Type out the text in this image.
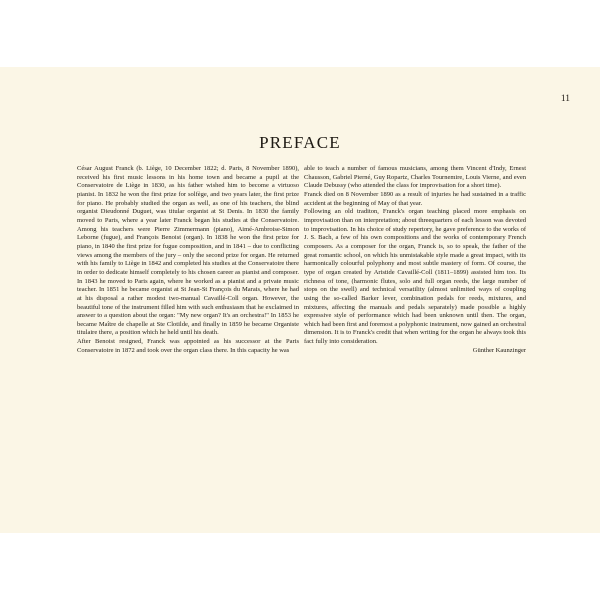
11
PREFACE

César August Franck (b. Liège, 10 December 1822; d. Paris, 8 November 1890), received his first music lessons in his home town and became a pupil at the Conservatoire de Liège in 1830, as his father wished him to become a virtuoso pianist. In 1832 he won the first prize for solfège, and two years later, the first prize for piano. He probably studied the organ as well, as one of his teachers, the blind organist Dieudonné Duguet, was titular organist at St Denis. In 1830 the family moved to Paris, where a year later Franck began his studies at the Conservatoire. Among his teachers were Pierre Zimmermann (piano), Aimé-Ambroise-Simon Leborne (fugue), and François Benoist (organ). In 1838 he won the first prize for piano, in 1840 the first prize for fugue composition, and in 1841 – due to conflicting views among the members of the jury – only the second prize for organ. He returned with his family to Liège in 1842 and completed his studies at the Conservatoire there in order to dedicate himself completely to his chosen career as pianist and composer. In 1843 he moved to Paris again, where he worked as a pianist and a private music teacher. In 1851 he became organist at St Jean-St François du Marais, where he had at his disposal a rather modest two-manual Cavaillé-Coll organ. However, the beautiful tone of the instrument filled him with such enthusiasm that he exclaimed in answer to a question about the organ: "My new organ? It's an orchestra!" In 1853 he became Maître de chapelle at Ste Clotilde, and finally in 1859 he became Organiste titulaire there, a position which he held until his death.

After Benoist resigned, Franck was appointed as his successor at the Paris Conservatoire in 1872 and took over the organ class there. In this capacity he was

able to teach a number of famous musicians, among them Vincent d'Indy, Ernest Chausson, Gabriel Pierné, Guy Ropartz, Charles Tournemire, Louis Vierne, and even Claude Debussy (who attended the class for improvisation for a short time).

Franck died on 8 November 1890 as a result of injuries he had sustained in a traffic accident at the beginning of May of that year.

Following an old traditon, Franck's organ teaching placed more emphasis on improvisation than on interpretation; about threequarters of each lesson was devoted to improvisation. In his choice of study repertory, he gave preference to the works of J. S. Bach, a few of his own compositions and the works of contemporary French composers. As a composer for the organ, Franck is, so to speak, the father of the great romantic school, on which his unmistakable style made a great impact, with its harmonically colourful polyphony and most subtle mastery of form. Of course, the type of organ created by Aristide Cavaillé-Coll (1811–1899) assisted him too. Its richness of tone, (harmonic flutes, solo and full organ reeds, the large number of stops on the swell) and technical versatility (almost unlimited ways of coupling using the so-called Barker lever, combination pedals for reeds, mixtures, and mixtures, affecting the manuals and pedals separately) made possible a highly expressive style of performance which had been unknown until then. The organ, which had been first and foremost a polyphonic instrument, now gained an orchestral dimension. It is to Franck's credit that when writing for the organ he always took this fact fully into consideration.

Günther Kaunzinger
